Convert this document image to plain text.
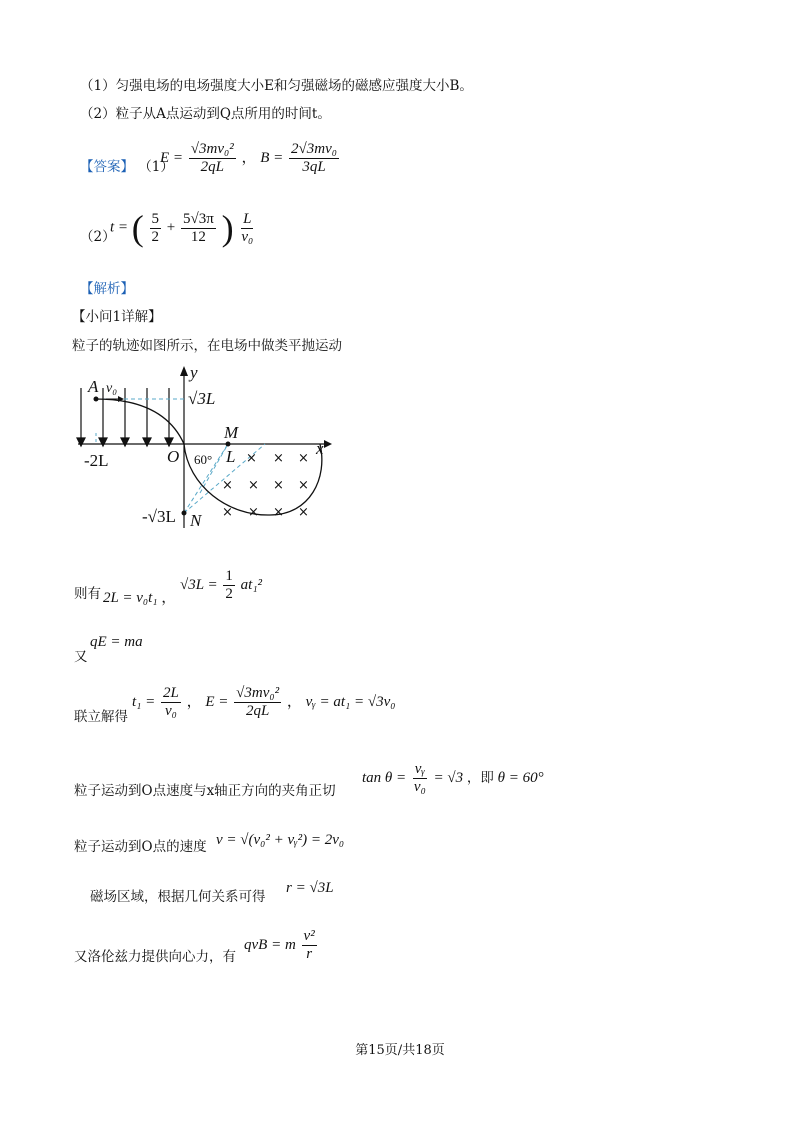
（1）匀强电场的电场强度大小E和匀强磁场的磁感应强度大小B。
（2）粒子从A点运动到Q点所用的时间t。
【答案】 （1）
$E = \frac{\text{√3mv₀²}}{2qL}$ ， $B = \frac{\text{2√3mv₀}}{3qL}$
（2）
t = ( $\frac{5}{2} + \frac{5√3\pi}{12}$ ) $\frac{L}{\text{v₀}}$
【解析】
【小问1详解】
粒子的轨迹如图所示，在电场中做类平抛运动
A v₀
y
x
√3L
M
O 60° L
-2L
-√3L N
× × ×
× × × ×
× × × ×
则有 2L = v₀t₁ ， $√3L = \frac{1}{2} at_1^2$
又
qE = ma
联立解得
$t_1 = \frac{2L}{\text{v₀}}$ ， $E = \frac{\text{√3mv₀²}}{2qL}$ ， vᵧ = at₁ = √3v₀
粒子运动到O点速度与x轴正方向的夹角正切
$\tan \theta = \frac{\text{vᵧ}}{\text{v₀}} = √3$ ，即 θ = 60°
粒子运动到O点的速度 v = √(v₀² + vᵧ²) = 2v₀
磁场区域，根据几何关系可得
r = √3L
又洛伦兹力提供向心力，有
qvB = m $\frac{\text{v²}}{r}$
第15页/共18页
